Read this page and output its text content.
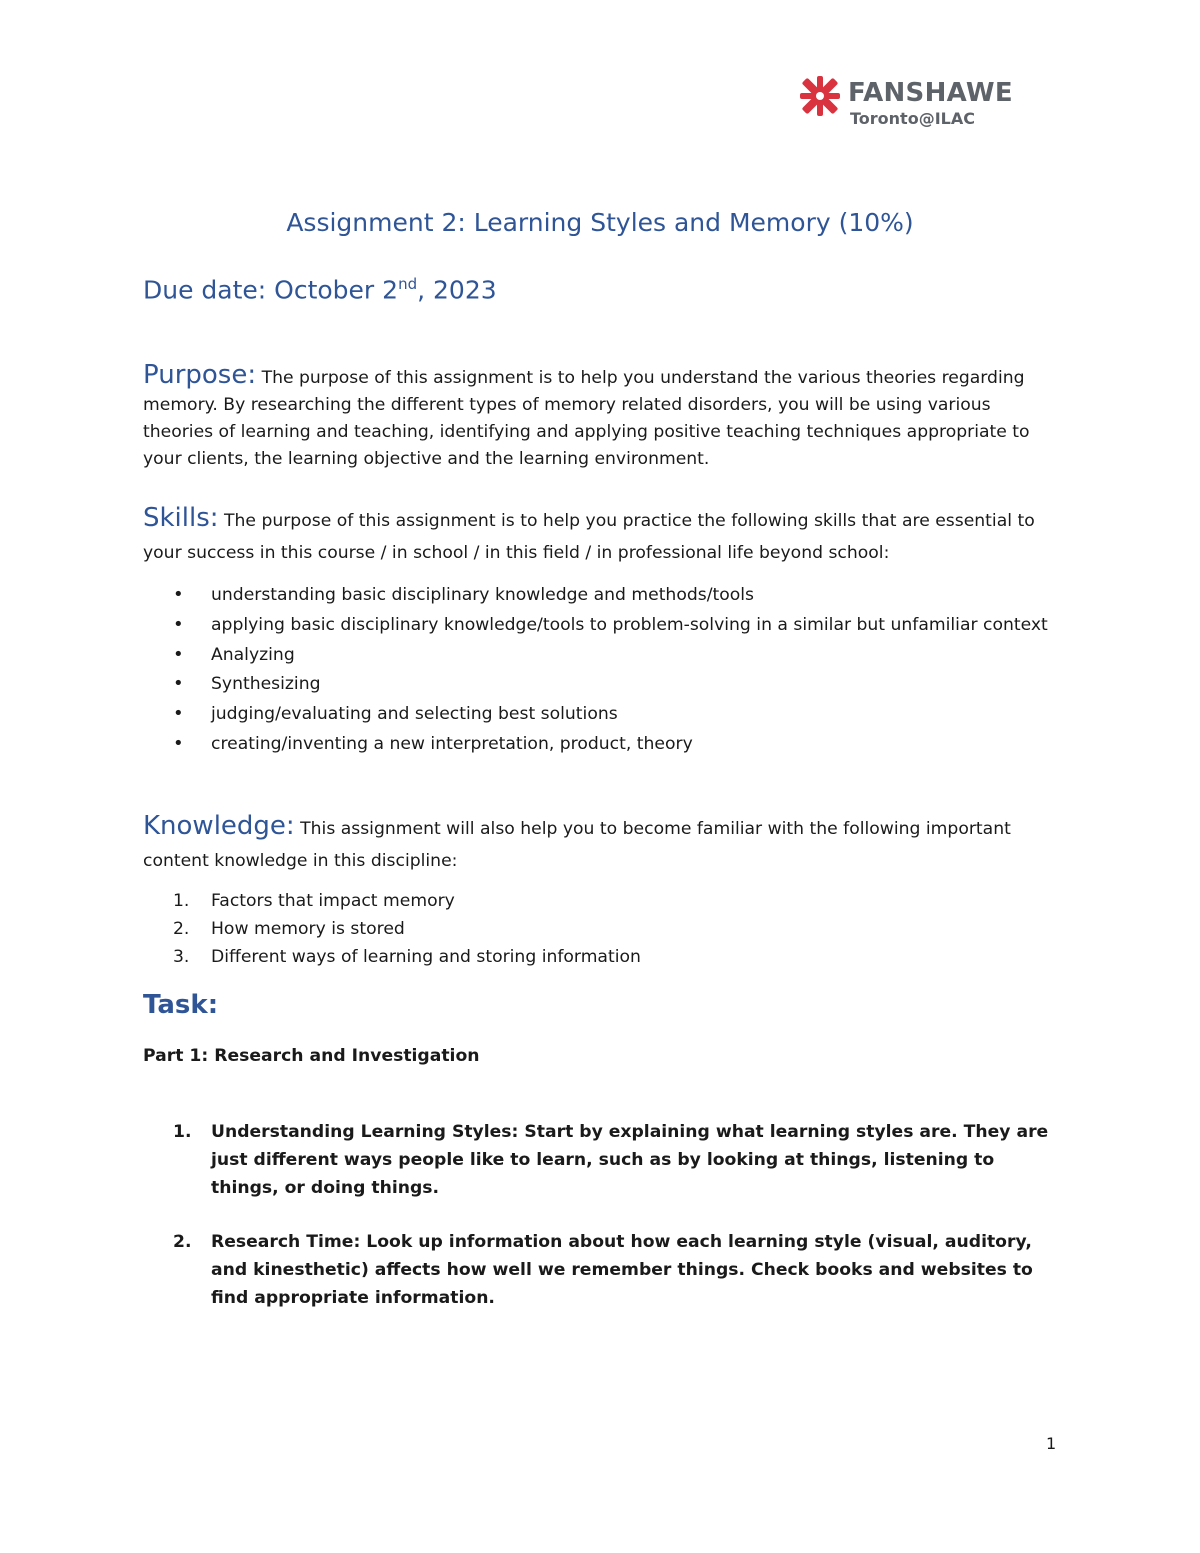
FANSHAWE
Toronto@ILAC
Assignment 2: Learning Styles and Memory (10%)

Due date: October 2nd, 2023

Purpose: The purpose of this assignment is to help you understand the various theories regarding memory. By researching the different types of memory related disorders, you will be using various theories of learning and teaching, identifying and applying positive teaching techniques appropriate to your clients, the learning objective and the learning environment.

Skills: The purpose of this assignment is to help you practice the following skills that are essential to your success in this course / in school / in this field / in professional life beyond school:

• understanding basic disciplinary knowledge and methods/tools
• applying basic disciplinary knowledge/tools to problem-solving in a similar but unfamiliar context
• Analyzing
• Synthesizing
• judging/evaluating and selecting best solutions
• creating/inventing a new interpretation, product, theory

Knowledge: This assignment will also help you to become familiar with the following important content knowledge in this discipline:

1. Factors that impact memory
2. How memory is stored
3. Different ways of learning and storing information
Task:
Part 1: Research and Investigation
1. Understanding Learning Styles: Start by explaining what learning styles are. They are just different ways people like to learn, such as by looking at things, listening to things, or doing things.
2. Research Time: Look up information about how each learning style (visual, auditory, and kinesthetic) affects how well we remember things. Check books and websites to find appropriate information.

1
